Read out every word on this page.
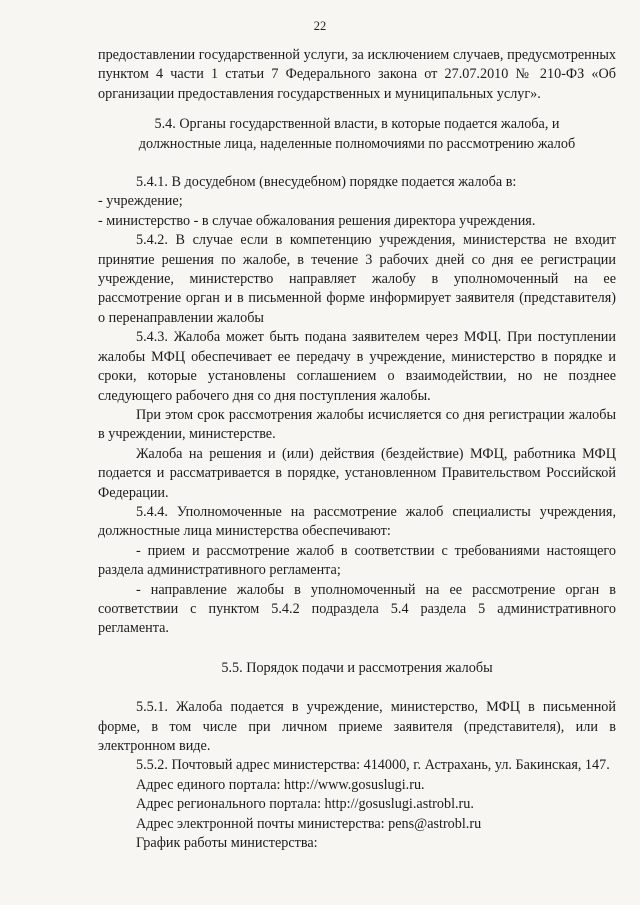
22

предоставлении государственной услуги, за исключением случаев, предусмотренных пунктом 4 части 1 статьи 7 Федерального закона от 27.07.2010 № 210-ФЗ «Об организации предоставления государственных и муниципальных услуг».

5.4. Органы государственной власти, в которые подается жалоба, и
должностные лица, наделенные полномочиями по рассмотрению жалоб

5.4.1. В досудебном (внесудебном) порядке подается жалоба в:

- учреждение;

- министерство - в случае обжалования решения директора учреждения.

5.4.2. В случае если в компетенцию учреждения, министерства не входит принятие решения по жалобе, в течение 3 рабочих дней со дня ее регистрации учреждение, министерство направляет жалобу в уполномоченный на ее рассмотрение орган и в письменной форме информирует заявителя (представителя) о перенаправлении жалобы

5.4.3. Жалоба может быть подана заявителем через МФЦ. При поступлении жалобы МФЦ обеспечивает ее передачу в учреждение, министерство в порядке и сроки, которые установлены соглашением о взаимодействии, но не позднее следующего рабочего дня со дня поступления жалобы.

При этом срок рассмотрения жалобы исчисляется со дня регистрации жалобы в учреждении, министерстве.

Жалоба на решения и (или) действия (бездействие) МФЦ, работника МФЦ подается и рассматривается в порядке, установленном Правительством Российской Федерации.

5.4.4. Уполномоченные на рассмотрение жалоб специалисты учреждения, должностные лица министерства обеспечивают:

- прием и рассмотрение жалоб в соответствии с требованиями настоящего раздела административного регламента;

- направление жалобы в уполномоченный на ее рассмотрение орган в соответствии с пунктом 5.4.2 подраздела 5.4 раздела 5 административного регламента.

5.5. Порядок подачи и рассмотрения жалобы

5.5.1. Жалоба подается в учреждение, министерство, МФЦ в письменной форме, в том числе при личном приеме заявителя (представителя), или в электронном виде.

5.5.2. Почтовый адрес министерства: 414000, г. Астрахань, ул. Бакинская, 147.

Адрес единого портала: http://www.gosuslugi.ru.

Адрес регионального портала: http://gosuslugi.astrobl.ru.

Адрес электронной почты министерства: pens@astrobl.ru

График работы министерства:
